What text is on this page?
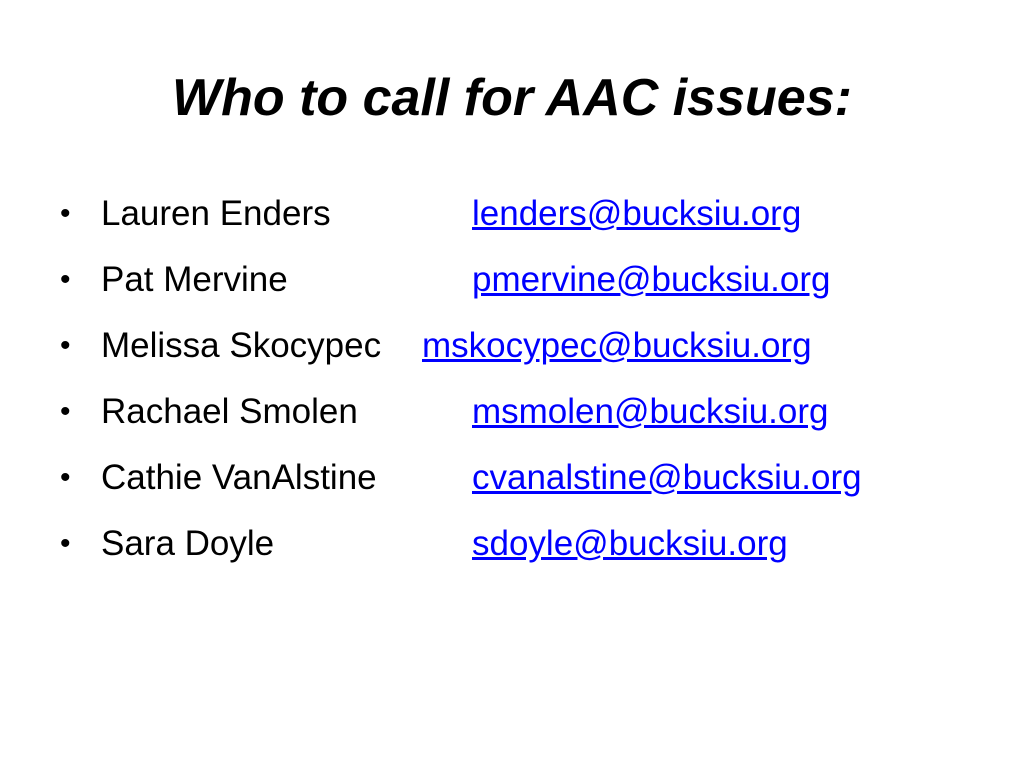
Who to call for AAC issues:
• Lauren Enders	lenders@bucksiu.org
• Pat Mervine	pmervine@bucksiu.org
• Melissa Skocypec mskocypec@bucksiu.org
• Rachael Smolen	msmolen@bucksiu.org
• Cathie VanAlstine	cvanalstine@bucksiu.org
• Sara Doyle	sdoyle@bucksiu.org
